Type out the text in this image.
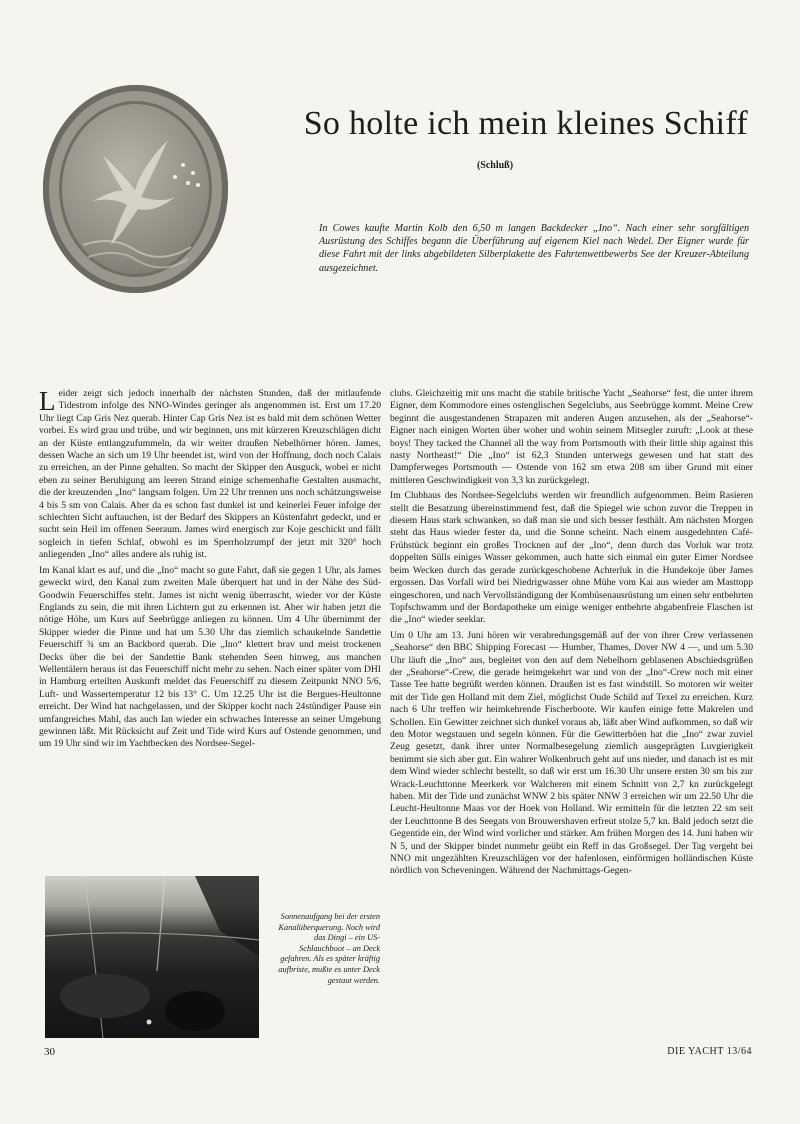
So holte ich mein kleines Schiff
(Schluß)
In Cowes kaufte Martin Kolb den 6,50 m langen Backdecker „Ino“. Nach einer sehr sorgfältigen Ausrüstung des Schiffes begann die Überführung auf eigenem Kiel nach Wedel. Der Eigner wurde für diese Fahrt mit der links abgebildeten Silberplakette des Fahrtenwettbewerbs See der Kreuzer-Abteilung ausgezeichnet.
L eider zeigt sich jedoch innerhalb der nächsten Stunden, daß der mitlaufende Tidestrom infolge des NNO-Windes geringer als angenommen ist. Erst um 17.20 Uhr liegt Cap Gris Nez querab. Hinter Cap Gris Nez ist es bald mit dem schönen Wetter vorbei. Es wird grau und trübe, und wir beginnen, uns mit kürzeren Kreuzschlägen dicht an der Küste entlangzufummeln, da wir weiter draußen Nebelhörner hören. James, dessen Wache an sich um 19 Uhr beendet ist, wird von der Hoffnung, doch noch Calais zu erreichen, an der Pinne gehalten. So macht der Skipper den Ausguck, wobei er nicht eben zu seiner Beruhigung am leeren Strand einige schemenhafte Gestalten ausmacht, die der kreuzenden „Ino“ langsam folgen. Um 22 Uhr trennen uns noch schätzungsweise 4 bis 5 sm von Calais. Aber da es schon fast dunkel ist und keinerlei Feuer infolge der schlechten Sicht auftauchen, ist der Bedarf des Skippers an Küstenfahrt gedeckt, und er sucht sein Heil im offenen Seeraum. James wird energisch zur Koje geschickt und fällt sogleich in tiefen Schlaf, obwohl es im Sperrholzrumpf der jetzt mit 320° hoch anliegenden „Ino“ alles andere als ruhig ist.

Im Kanal klart es auf, und die „Ino“ macht so gute Fahrt, daß sie gegen 1 Uhr, als James geweckt wird, den Kanal zum zweiten Male überquert hat und in der Nähe des Süd-Goodwin Feuerschiffes steht. James ist nicht wenig überrascht, wieder vor der Küste Englands zu sein, die mit ihren Lichtern gut zu erkennen ist. Aber wir haben jetzt die nötige Höhe, um Kurs auf Seebrügge anliegen zu können. Um 4 Uhr übernimmt der Skipper wieder die Pinne und hat um 5.30 Uhr das ziemlich schaukelnde Sandettie Feuerschiff ¾ sm an Backbord querab. Die „Ino“ klettert brav und meist trockenen Decks über die bei der Sandettie Bank stehenden Seen hinweg, aus manchen Wellentälern heraus ist das Feuerschiff nicht mehr zu sehen. Nach einer später vom DHI in Hamburg erteilten Auskunft meldet das Feuerschiff zu diesem Zeitpunkt NNO 5/6, Luft- und Wassertemperatur 12 bis 13° C. Um 12.25 Uhr ist die Bergues-Heultonne erreicht. Der Wind hat nachgelassen, und der Skipper kocht nach 24stündiger Pause ein umfangreiches Mahl, das auch Ian wieder ein schwaches Interesse an seiner Umgebung gewinnen läßt. Mit Rücksicht auf Zeit und Tide wird Kurs auf Ostende genommen, und um 19 Uhr sind wir im Yachtbecken des Nordsee-Segel-

clubs. Gleichzeitig mit uns macht die stabile britische Yacht „Seahorse“ fest, die unter ihrem Eigner, dem Kommodore eines ostenglischen Segelclubs, aus Seebrügge kommt. Meine Crew beginnt die ausgestandenen Strapazen mit anderen Augen anzusehen, als der „Seahorse“-Eigner nach einigen Worten über woher und wohin seinem Mitsegler zuruft: „Look at these boys! They tacked the Channel all the way from Portsmouth with their little ship against this nasty Northeast!“ Die „Ino“ ist 62,3 Stunden unterwegs gewesen und hat statt des Dampferweges Portsmouth — Ostende von 162 sm etwa 208 sm über Grund mit einer mittleren Geschwindigkeit von 3,3 kn zurückgelegt.

Im Clubhaus des Nordsee-Segelclubs werden wir freundlich aufgenommen. Beim Rasieren stellt die Besatzung übereinstimmend fest, daß die Spiegel wie schon zuvor die Treppen in diesem Haus stark schwanken, so daß man sie und sich besser festhält. Am nächsten Morgen steht das Haus wieder fester da, und die Sonne scheint. Nach einem ausgedehnten Café-Frühstück beginnt ein großes Trocknen auf der „Ino“, denn durch das Vorluk war trotz doppelten Sülls einiges Wasser gekommen, auch hatte sich einmal ein guter Eimer Nordsee beim Wecken durch das gerade zurückgeschobene Achterluk in die Hundekoje über James ergossen. Das Vorfall wird bei Niedrigwasser ohne Mühe vom Kai aus wieder am Masttopp eingeschoren, und nach Vervollständigung der Kombüsenausrüstung um einen sehr entbehrten Topfschwamm und der Bordapotheke um einige weniger entbehrte abgabenfreie Flaschen ist die „Ino“ wieder seeklar.

Um 0 Uhr am 13. Juni hören wir verabredungsgemäß auf der von ihrer Crew verlassenen „Seahorse“ den BBC Shipping Forecast — Humber, Thames, Dover NW 4 —, und um 5.30 Uhr läuft die „Ino“ aus, begleitet von den auf dem Nebelhorn geblasenen Abschiedsgrüßen der „Seahorse“-Crew, die gerade heimgekehrt war und von der „Ino“-Crew noch mit einer Tasse Tee hatte begrüßt werden können. Draußen ist es fast windstill. So motoren wir weiter mit der Tide gen Holland mit dem Ziel, möglichst Oude Schild auf Texel zu erreichen. Kurz nach 6 Uhr treffen wir heimkehrende Fischerboote. Wir kaufen einige fette Makrelen und Schollen. Ein Gewitter zeichnet sich dunkel voraus ab, läßt aber Wind aufkommen, so daß wir den Motor wegstauen und segeln können. Für die Gewitterböen hat die „Ino“ zwar zuviel Zeug gesetzt, dank ihrer unter Normalbesegelung ziemlich ausgeprägten Luvgierigkeit benimmt sie sich aber gut. Ein wahrer Wolkenbruch geht auf uns nieder, und danach ist es mit dem Wind wieder schlecht bestellt, so daß wir erst um 16.30 Uhr unsere ersten 30 sm bis zur Wrack-Leuchttonne Meerkerk vor Walcheren mit einem Schnitt von 2,7 kn zurückgelegt haben. Mit der Tide und zunächst WNW 2 bis später NNW 3 erreichen wir um 22.50 Uhr die Leucht-Heultonne Maas vor der Hoek von Holland. Wir ermitteln für die letzten 22 sm seit der Leuchttonne B des Seegats von Brouwershaven erfreut stolze 5,7 kn. Bald jedoch setzt die Gegentide ein, der Wind wird vorlicher und stärker. Am frühen Morgen des 14. Juni haben wir N 5, und der Skipper bindet nunmehr geübt ein Reff in das Großsegel. Der Tag vergeht bei NNO mit ungezählten Kreuzschlägen vor der hafenlosen, einförmigen holländischen Küste nördlich von Scheveningen. Während der Nachmittags-Gegen-

Sonnenaufgang bei der ersten Kanalüberquerung. Noch wird das Dingi – ein US-Schlauchboot – an Deck gefahren. Als es später kräftig aufbriste, mußte es unter Deck gestaut werden.
30	DIE YACHT 13/64
